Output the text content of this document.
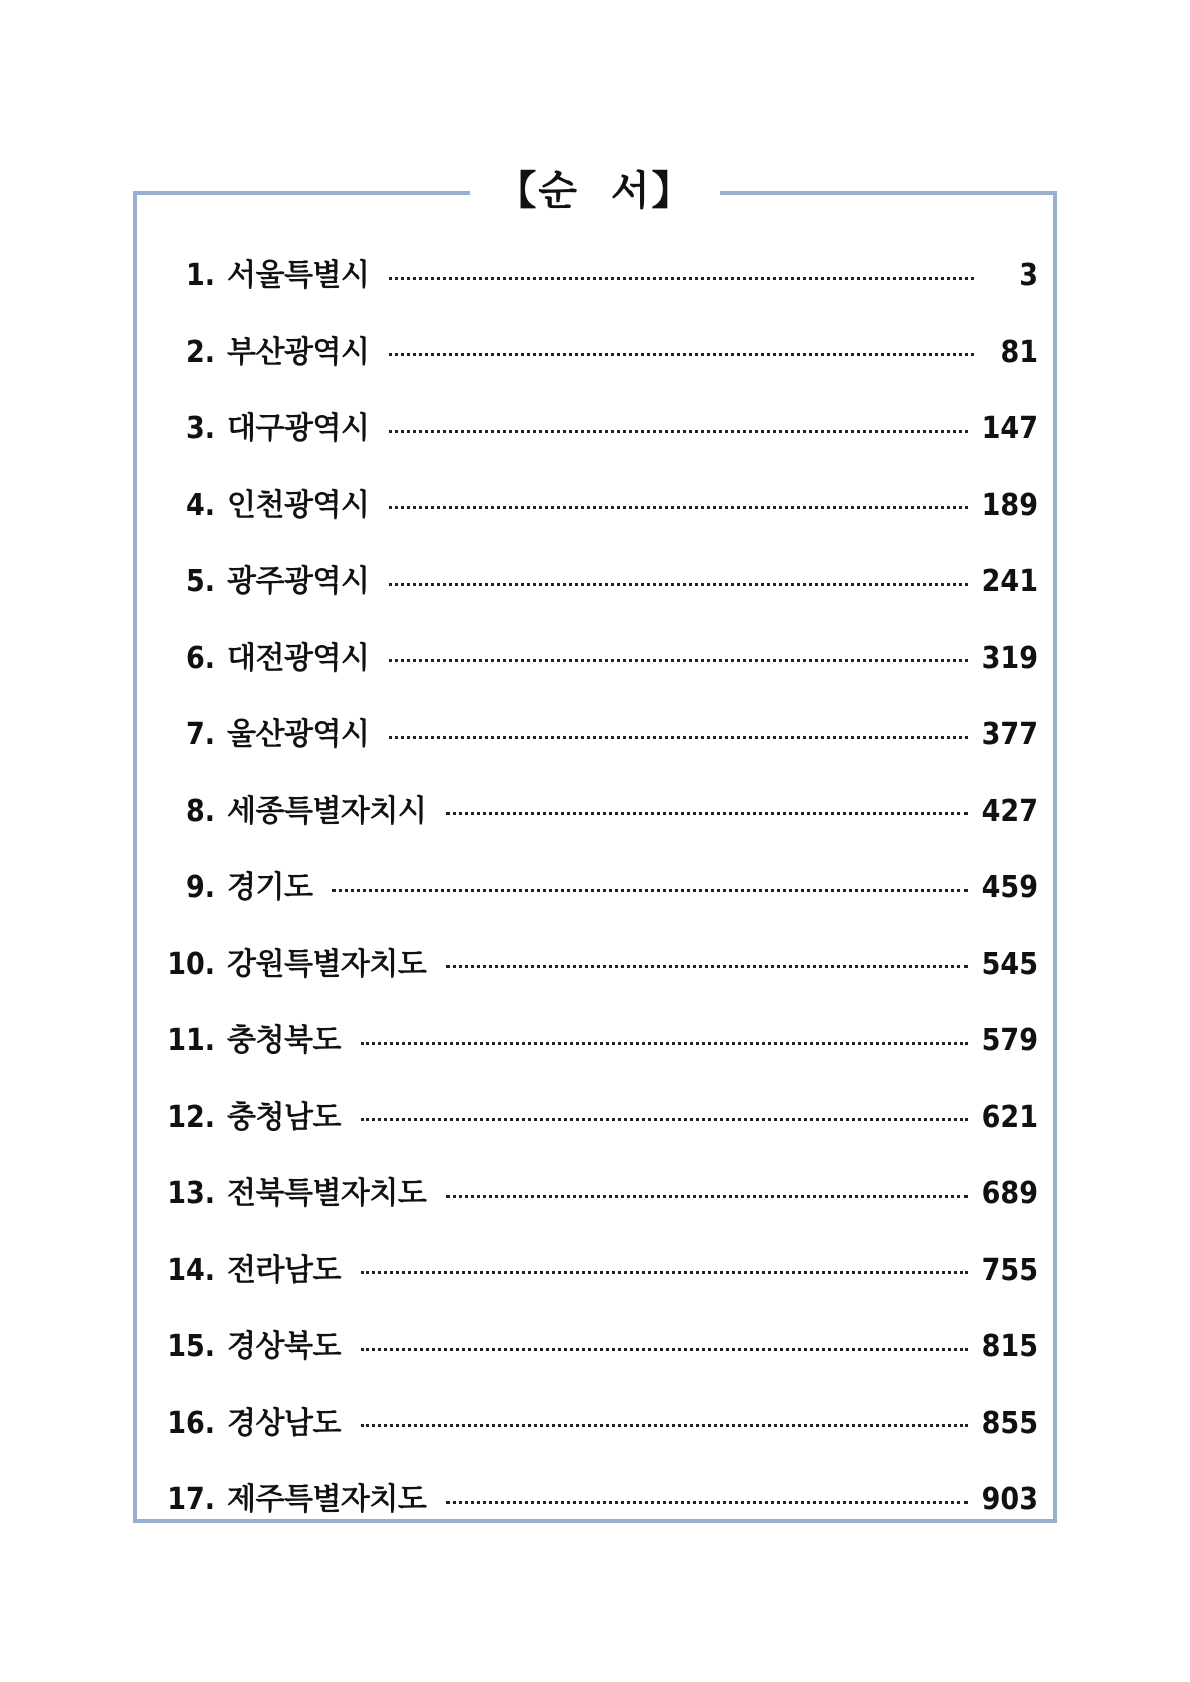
【순  서】
1. 서울특별시	3
2. 부산광역시	81
3. 대구광역시	147
4. 인천광역시	189
5. 광주광역시	241
6. 대전광역시	319
7. 울산광역시	377
8. 세종특별자치시	427
9. 경기도	459
10. 강원특별자치도	545
11. 충청북도	579
12. 충청남도	621
13. 전북특별자치도	689
14. 전라남도	755
15. 경상북도	815
16. 경상남도	855
17. 제주특별자치도	903
